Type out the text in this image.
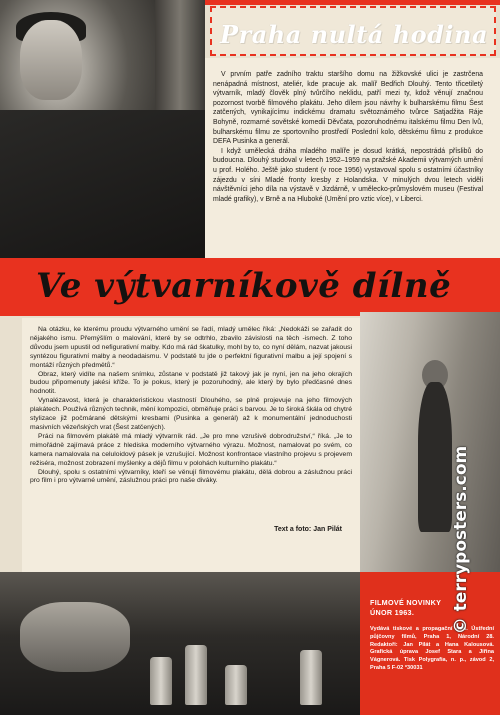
Praha nultá hodina

V prvním patře zadního traktu staršího domu na žižkovské ulici je zastrčena nenápadná místnost, ateliér, kde pracuje ak. malíř Bedřich Dlouhý. Tento třicetiletý výtvarník, mladý člověk plný tvůrčího neklidu, patří mezi ty, kdož věnují značnou pozornost tvorbě filmového plakátu. Jeho dílem jsou návrhy k bulharskému filmu Šest zatčených, vynikajícímu indickému dramatu světoznámého tvůrce Satjadžita Ráje Bohyně, rozmarné sovětské komedii Děvčata, pozoruhodnému italskému filmu Den lvů, bulharskému filmu ze sportovního prostředí Poslední kolo, dětskému filmu z produkce DEFA Pusinka a generál.

I když umělecká dráha mladého malíře je dosud krátká, nepostrádá příslibů do budoucna. Dlouhý studoval v letech 1952–1959 na pražské Akademii výtvarných umění u prof. Holého. Ještě jako student (v roce 1956) vystavoval spolu s ostatními účastníky zájezdu v síni Mladé fronty kresby z Holandska. V minulých dvou letech viděli návštěvníci jeho díla na výstavě v Jizdárně, v umělecko-průmyslovém museu (Festival mladé grafiky), v Brně a na Hluboké (Umění pro vztic více), v Liberci.

Ve výtvarníkově dílně

Na otázku, ke kterému proudu výtvarného umění se řadí, mladý umělec říká: „Nedokáži se zařadit do nějakého ismu. Přemýšlím o malování, které by se odtrhlo, zbavilo závislosti na těch -ismech. Z toho důvodu jsem upustil od nefigurativní malby. Kdo má rád škatulky, mohl by to, co nyní dělám, nazvat jakousi syntézou figurativní malby a neodadaismu. V podstatě tu jde o perfektní figurativní malbu a její spojení s montáží různých předmětů.“

Obraz, který vidíte na našem snímku, zůstane v podstatě již takový jak je nyní, jen na jeho okrajích budou připomenuty jakési kříže. To je pokus, který je pozoruhodný, ale který by bylo předčasné dnes hodnotit.

Vynalézavost, která je charakteristickou vlastností Dlouhého, se plně projevuje na jeho filmových plakátech. Používá různých technik, mění kompozici, obměňuje práci s barvou. Je to široká škála od chytré stylizace již počmárané dětskými kresbami (Pusinka a generál) až k monumentální jednoduchosti masivních vězeňských vrat (Šest zatčených).

Práci na filmovém plakátě má mladý výtvarník rád. „Je pro mne vzrušivě dobrodružství,“ říká. „Je to mimořádně zajímavá práce z hlediska moderního výtvarného výrazu. Možnost, namalovat po svém, co kamera namalovala na celuloidový pásek je vzrušující. Možnost konfrontace vlastního projevu s projevem režiséra, možnost zobrazení myšlenky a dějů filmu v polohách kulturního plakátu.“

Dlouhý, spolu s ostatními výtvarníky, kteří se věnují filmovému plakátu, dělá dobrou a záslužnou práci pro film i pro výtvarné umění, záslužnou práci pro naše diváky.

Text a foto: Jan Pilát
FILMOVÉ NOVINKY
ÚNOR 1963.
Vydává tiskové a propagační odd. Ústřední půjčovny filmů, Praha 1, Národní 28. Redaktoři: Jan Pilát a Hana Kalousová. Grafická úprava Josef Stara a Jiřina Vágnerová. Tisk Polygrafia, n. p., závod 2, Praha 5 F-02 *30031
© terryposters.com
